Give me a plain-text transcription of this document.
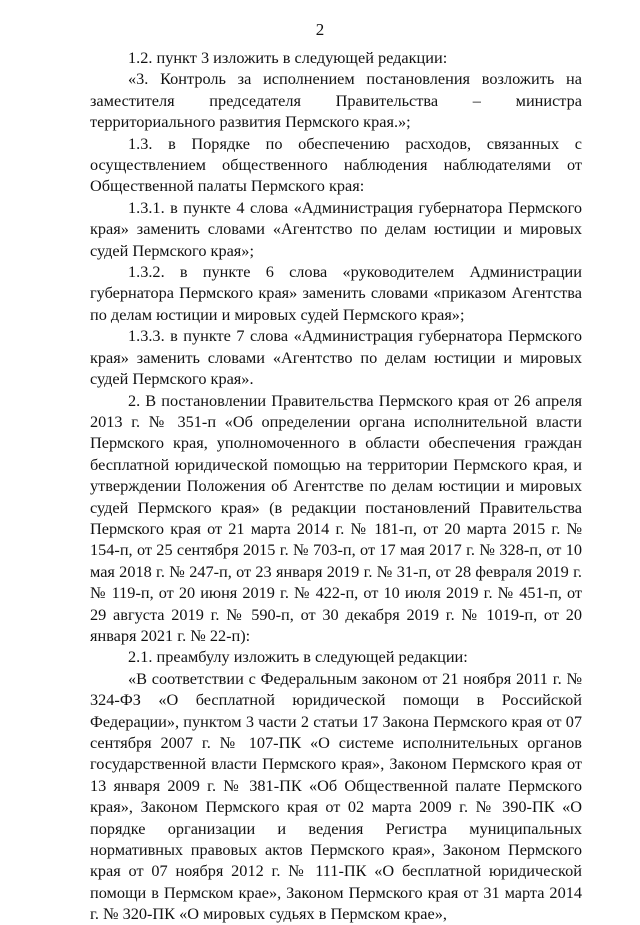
2

1.2. пункт 3 изложить в следующей редакции:

«3. Контроль за исполнением постановления возложить на заместителя председателя Правительства – министра территориального развития Пермского края.»;

1.3. в Порядке по обеспечению расходов, связанных с осуществлением общественного наблюдения наблюдателями от Общественной палаты Пермского края:

1.3.1. в пункте 4 слова «Администрация губернатора Пермского края» заменить словами «Агентство по делам юстиции и мировых судей Пермского края»;

1.3.2. в пункте 6 слова «руководителем Администрации губернатора Пермского края» заменить словами «приказом Агентства по делам юстиции и мировых судей Пермского края»;

1.3.3. в пункте 7 слова «Администрация губернатора Пермского края» заменить словами «Агентство по делам юстиции и мировых судей Пермского края».

2. В постановлении Правительства Пермского края от 26 апреля 2013 г. № 351-п «Об определении органа исполнительной власти Пермского края, уполномоченного в области обеспечения граждан бесплатной юридической помощью на территории Пермского края, и утверждении Положения об Агентстве по делам юстиции и мировых судей Пермского края» (в редакции постановлений Правительства Пермского края от 21 марта 2014 г. № 181-п, от 20 марта 2015 г. № 154-п, от 25 сентября 2015 г. № 703-п, от 17 мая 2017 г. № 328-п, от 10 мая 2018 г. № 247-п, от 23 января 2019 г. № 31-п, от 28 февраля 2019 г. № 119-п, от 20 июня 2019 г. № 422-п, от 10 июля 2019 г. № 451-п, от 29 августа 2019 г. № 590-п, от 30 декабря 2019 г. № 1019-п, от 20 января 2021 г. № 22-п):

2.1. преамбулу изложить в следующей редакции:

«В соответствии с Федеральным законом от 21 ноября 2011 г. № 324-ФЗ «О бесплатной юридической помощи в Российской Федерации», пунктом 3 части 2 статьи 17 Закона Пермского края от 07 сентября 2007 г. № 107-ПК «О системе исполнительных органов государственной власти Пермского края», Законом Пермского края от 13 января 2009 г. № 381-ПК «Об Общественной палате Пермского края», Законом Пермского края от 02 марта 2009 г. № 390-ПК «О порядке организации и ведения Регистра муниципальных нормативных правовых актов Пермского края», Законом Пермского края от 07 ноября 2012 г. № 111-ПК «О бесплатной юридической помощи в Пермском крае», Законом Пермского края от 31 марта 2014 г. № 320-ПК «О мировых судьях в Пермском крае»,
